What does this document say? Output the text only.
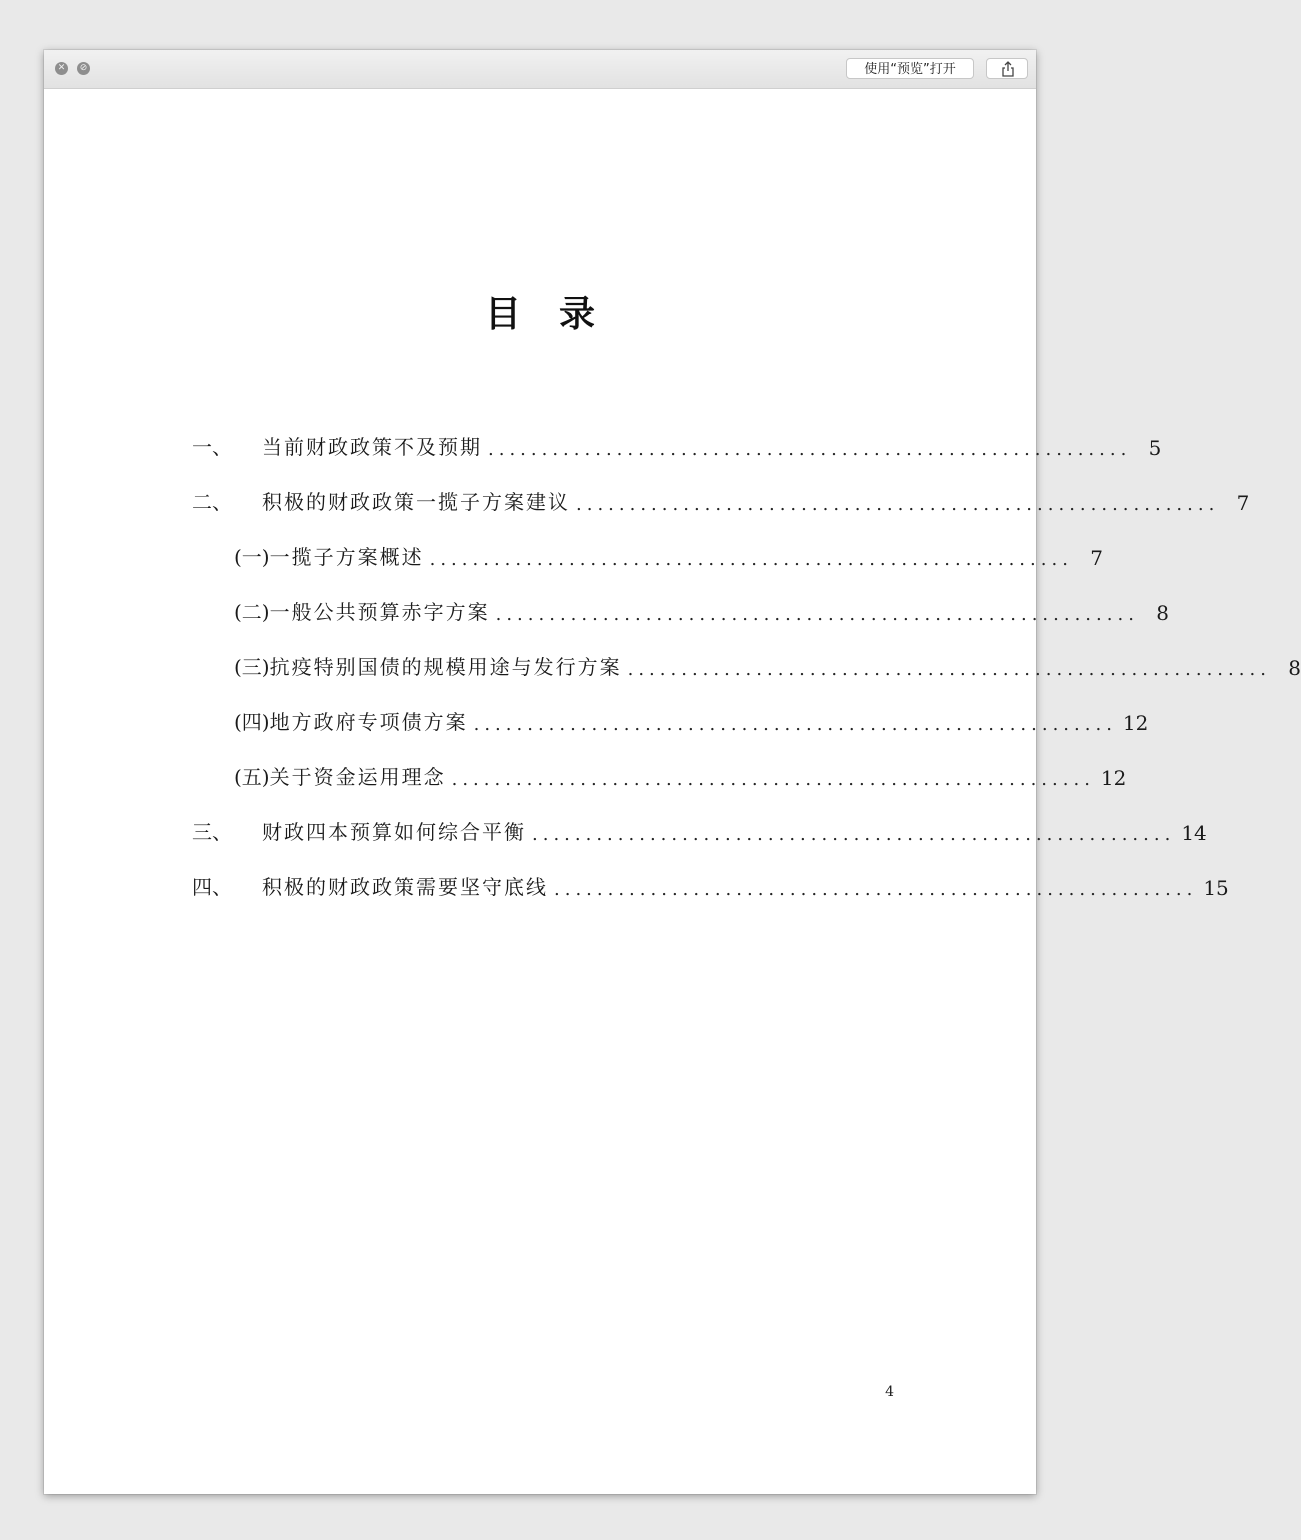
✕	⊘	使用“预览”打开
目录
一、	当前财政政策不及预期 ............................................................ 5
二、	积极的财政政策一揽子方案建议 ............................................................ 7
(一) 一揽子方案概述 ............................................................ 7
(二) 一般公共预算赤字方案 ............................................................ 8
(三) 抗疫特别国债的规模用途与发行方案 ............................................................ 8
(四) 地方政府专项债方案 ............................................................ 12
(五) 关于资金运用理念 ............................................................ 12
三、	财政四本预算如何综合平衡 ............................................................ 14
四、	积极的财政政策需要坚守底线 ............................................................ 15
4
